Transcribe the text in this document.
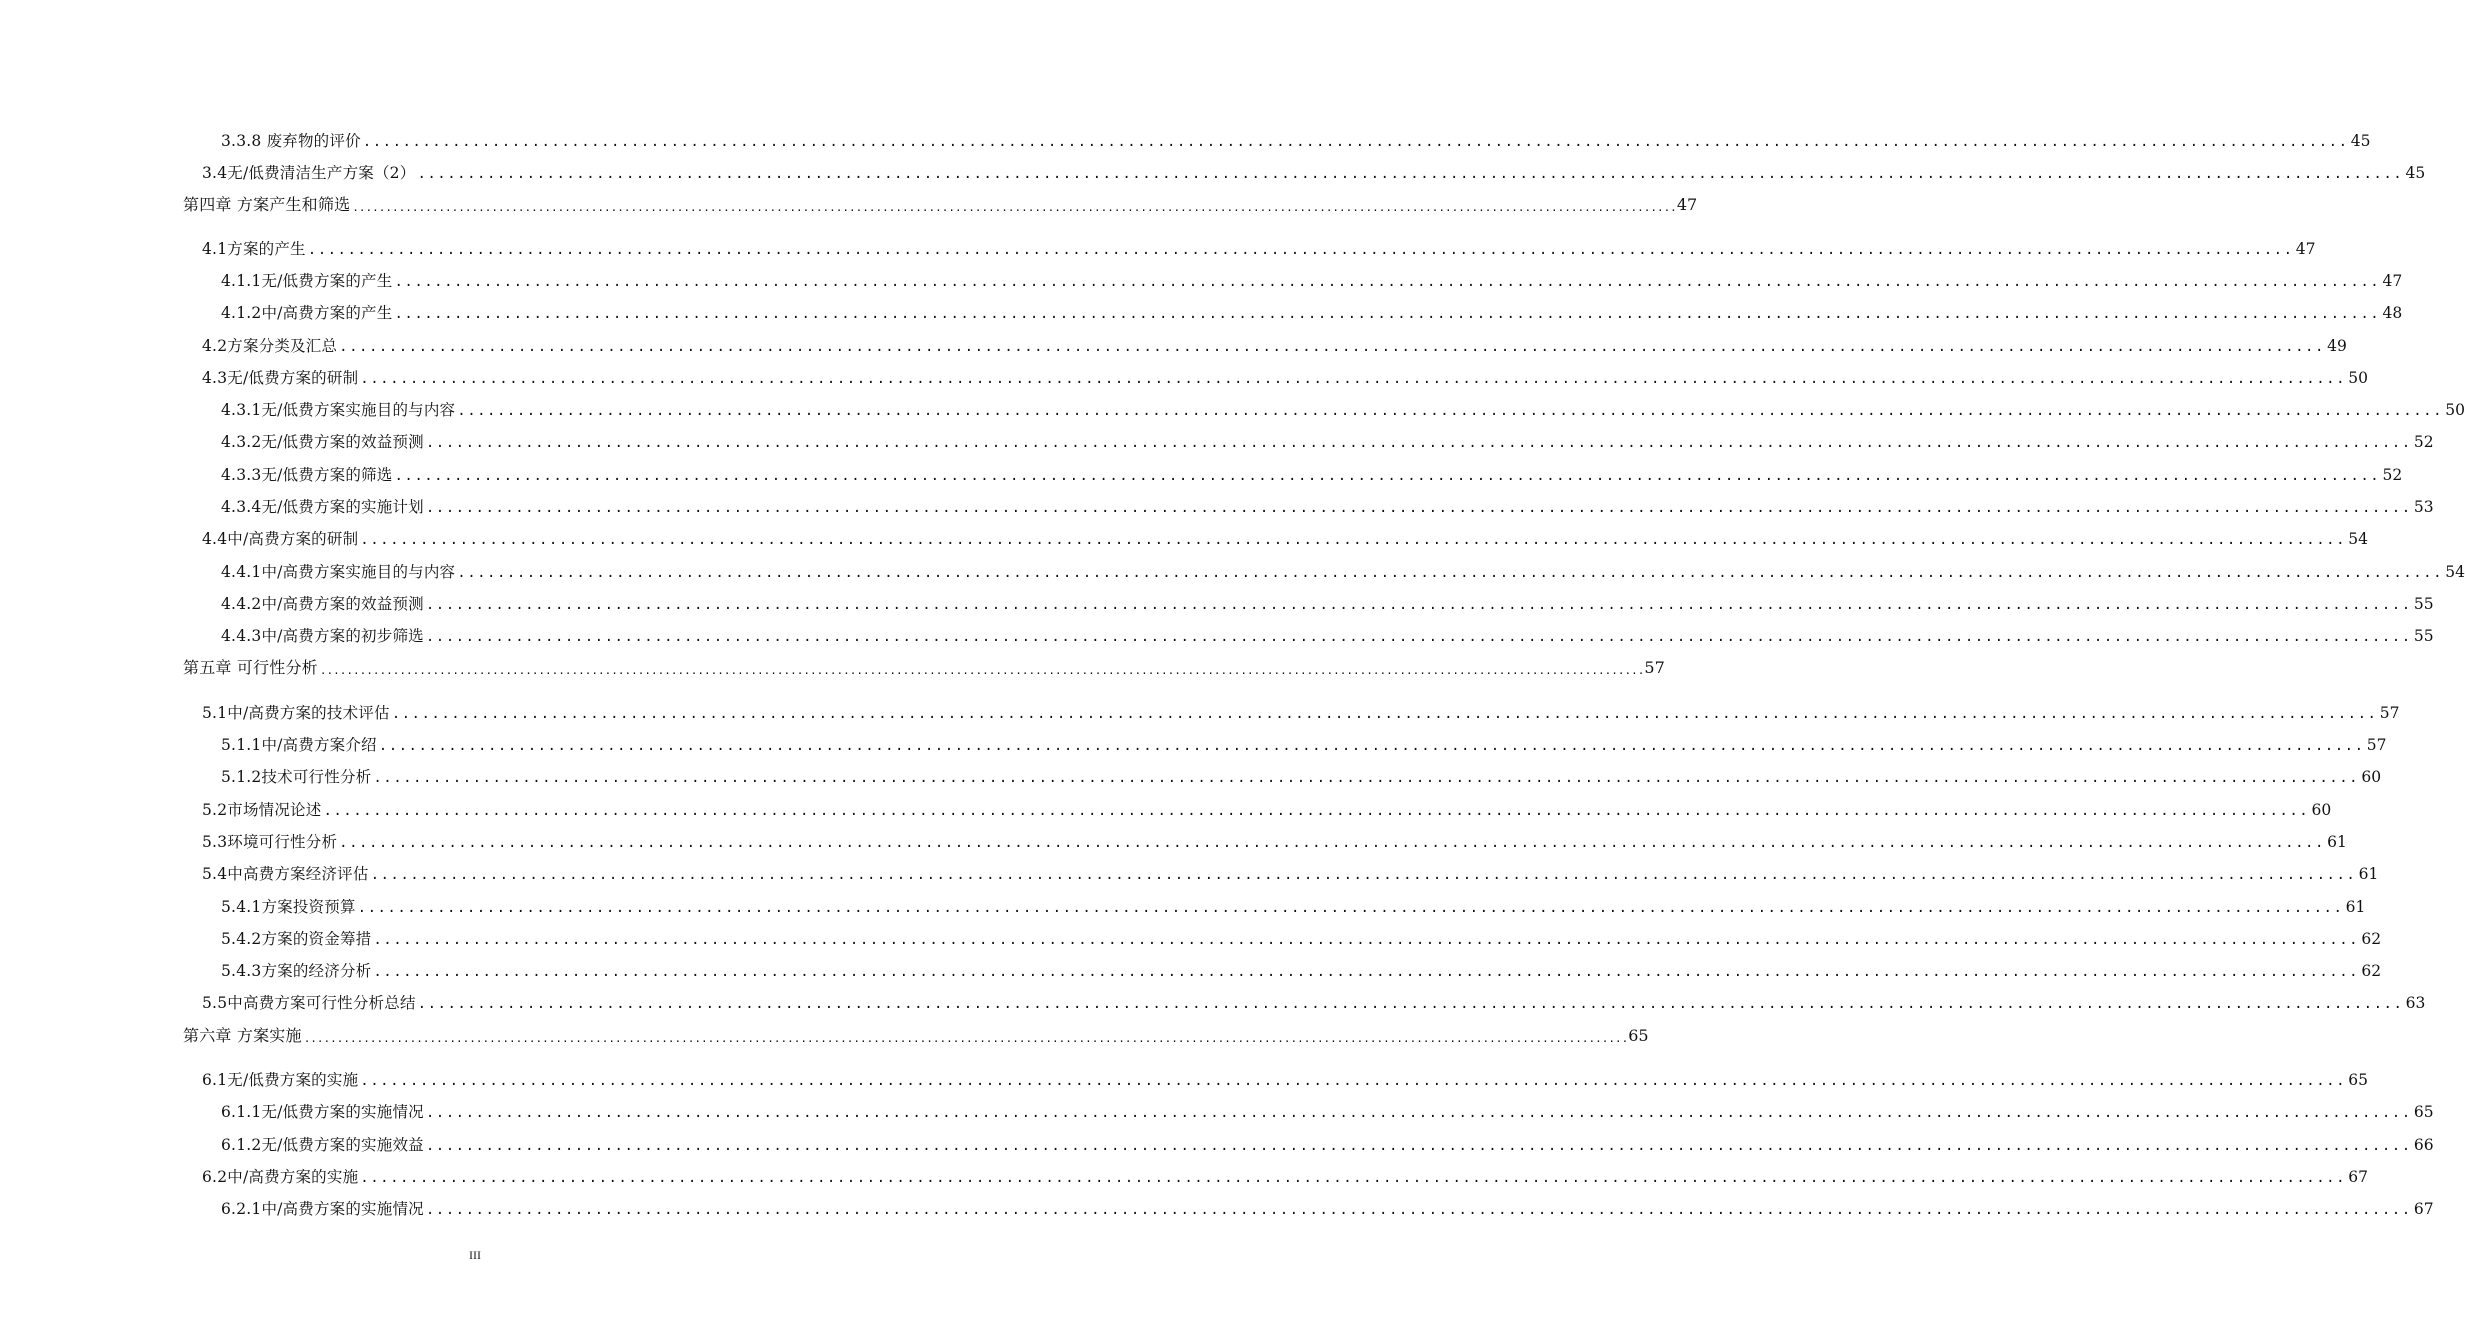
3.3.8 废弃物的评价 ........................................................................................................................................................................................................ 45
3.4无/低费清洁生产方案（2） ........................................................................................................................................................................................................ 45
第四章 方案产生和筛选 ........................................................................................................................................................................................................ 47
4.1方案的产生 ........................................................................................................................................................................................................ 47
4.1.1无/低费方案的产生 ........................................................................................................................................................................................................ 47
4.1.2中/高费方案的产生 ........................................................................................................................................................................................................ 48
4.2方案分类及汇总 ........................................................................................................................................................................................................ 49
4.3无/低费方案的研制 ........................................................................................................................................................................................................ 50
4.3.1无/低费方案实施目的与内容 ........................................................................................................................................................................................................ 50
4.3.2无/低费方案的效益预测 ........................................................................................................................................................................................................ 52
4.3.3无/低费方案的筛选 ........................................................................................................................................................................................................ 52
4.3.4无/低费方案的实施计划 ........................................................................................................................................................................................................ 53
4.4中/高费方案的研制 ........................................................................................................................................................................................................ 54
4.4.1中/高费方案实施目的与内容 ........................................................................................................................................................................................................ 54
4.4.2中/高费方案的效益预测 ........................................................................................................................................................................................................ 55
4.4.3中/高费方案的初步筛选 ........................................................................................................................................................................................................ 55
第五章 可行性分析 ........................................................................................................................................................................................................ 57
5.1中/高费方案的技术评估 ........................................................................................................................................................................................................ 57
5.1.1中/高费方案介绍 ........................................................................................................................................................................................................ 57
5.1.2技术可行性分析 ........................................................................................................................................................................................................ 60
5.2市场情况论述 ........................................................................................................................................................................................................ 60
5.3环境可行性分析 ........................................................................................................................................................................................................ 61
5.4中高费方案经济评估 ........................................................................................................................................................................................................ 61
5.4.1方案投资预算 ........................................................................................................................................................................................................ 61
5.4.2方案的资金筹措 ........................................................................................................................................................................................................ 62
5.4.3方案的经济分析 ........................................................................................................................................................................................................ 62
5.5中高费方案可行性分析总结 ........................................................................................................................................................................................................ 63
第六章 方案实施 ........................................................................................................................................................................................................ 65
6.1无/低费方案的实施 ........................................................................................................................................................................................................ 65
6.1.1无/低费方案的实施情况 ........................................................................................................................................................................................................ 65
6.1.2无/低费方案的实施效益 ........................................................................................................................................................................................................ 66
6.2中/高费方案的实施 ........................................................................................................................................................................................................ 67
6.2.1中/高费方案的实施情况 ........................................................................................................................................................................................................ 67
III
